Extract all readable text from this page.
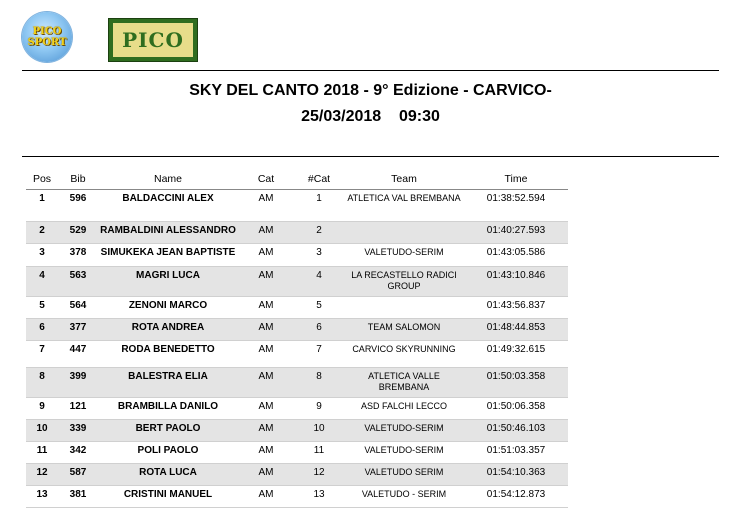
PICO
SPORT	PICO
SKY DEL CANTO 2018 - 9° Edizione - CARVICO-
25/03/2018    09:30
Pos	Bib	Name	Cat	#Cat	Team	Time
1	596	BALDACCINI ALEX	AM	1	ATLETICA VAL BREMBANA	01:38:52.594
2	529	RAMBALDINI ALESSANDRO	AM	2		01:40:27.593
3	378	SIMUKEKA JEAN BAPTISTE	AM	3	VALETUDO-SERIM	01:43:05.586
4	563	MAGRI LUCA	AM	4	LA RECASTELLO RADICI GROUP	01:43:10.846
5	564	ZENONI MARCO	AM	5		01:43:56.837
6	377	ROTA ANDREA	AM	6	TEAM SALOMON	01:48:44.853
7	447	RODA BENEDETTO	AM	7	CARVICO SKYRUNNING	01:49:32.615
8	399	BALESTRA ELIA	AM	8	ATLETICA VALLE BREMBANA	01:50:03.358
9	121	BRAMBILLA DANILO	AM	9	ASD FALCHI LECCO	01:50:06.358
10	339	BERT PAOLO	AM	10	VALETUDO-SERIM	01:50:46.103
11	342	POLI PAOLO	AM	11	VALETUDO-SERIM	01:51:03.357
12	587	ROTA LUCA	AM	12	VALETUDO SERIM	01:54:10.363
13	381	CRISTINI MANUEL	AM	13	VALETUDO - SERIM	01:54:12.873
